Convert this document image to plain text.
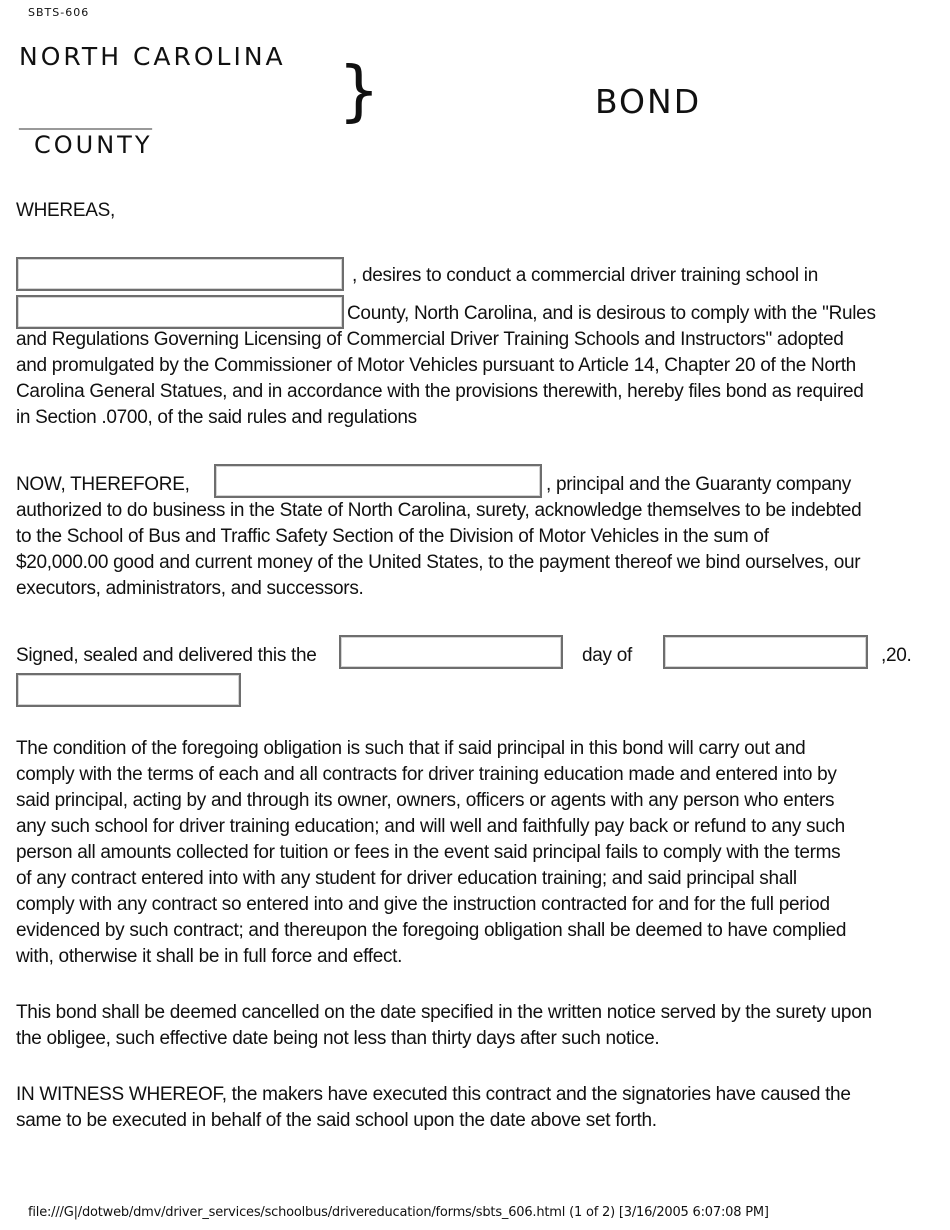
SBTS-606
NORTH CAROLINA
___________________
COUNTY
}	BOND
WHEREAS,
, desires to conduct a commercial driver training school in
County, North Carolina, and is desirous to comply with the "Rules
and Regulations Governing Licensing of Commercial Driver Training Schools and Instructors" adopted
and promulgated by the Commissioner of Motor Vehicles pursuant to Article 14, Chapter 20 of the North
Carolina General Statues, and in accordance with the provisions therewith, hereby files bond as required
in Section .0700, of the said rules and regulations
NOW, THEREFORE,	, principal and the Guaranty company
authorized to do business in the State of North Carolina, surety, acknowledge themselves to be indebted
to the School of Bus and Traffic Safety Section of the Division of Motor Vehicles in the sum of
$20,000.00 good and current money of the United States, to the payment thereof we bind ourselves, our
executors, administrators, and successors.
Signed, sealed and delivered this the	day of	,20.
The condition of the foregoing obligation is such that if said principal in this bond will carry out and
comply with the terms of each and all contracts for driver training education made and entered into by
said principal, acting by and through its owner, owners, officers or agents with any person who enters
any such school for driver training education; and will well and faithfully pay back or refund to any such
person all amounts collected for tuition or fees in the event said principal fails to comply with the terms
of any contract entered into with any student for driver education training; and said principal shall
comply with any contract so entered into and give the instruction contracted for and for the full period
evidenced by such contract; and thereupon the foregoing obligation shall be deemed to have complied
with, otherwise it shall be in full force and effect.
This bond shall be deemed cancelled on the date specified in the written notice served by the surety upon
the obligee, such effective date being not less than thirty days after such notice.
IN WITNESS WHEREOF, the makers have executed this contract and the signatories have caused the
same to be executed in behalf of the said school upon the date above set forth.
file:///G|/dotweb/dmv/driver_services/schoolbus/drivereducation/forms/sbts_606.html (1 of 2) [3/16/2005 6:07:08 PM]
